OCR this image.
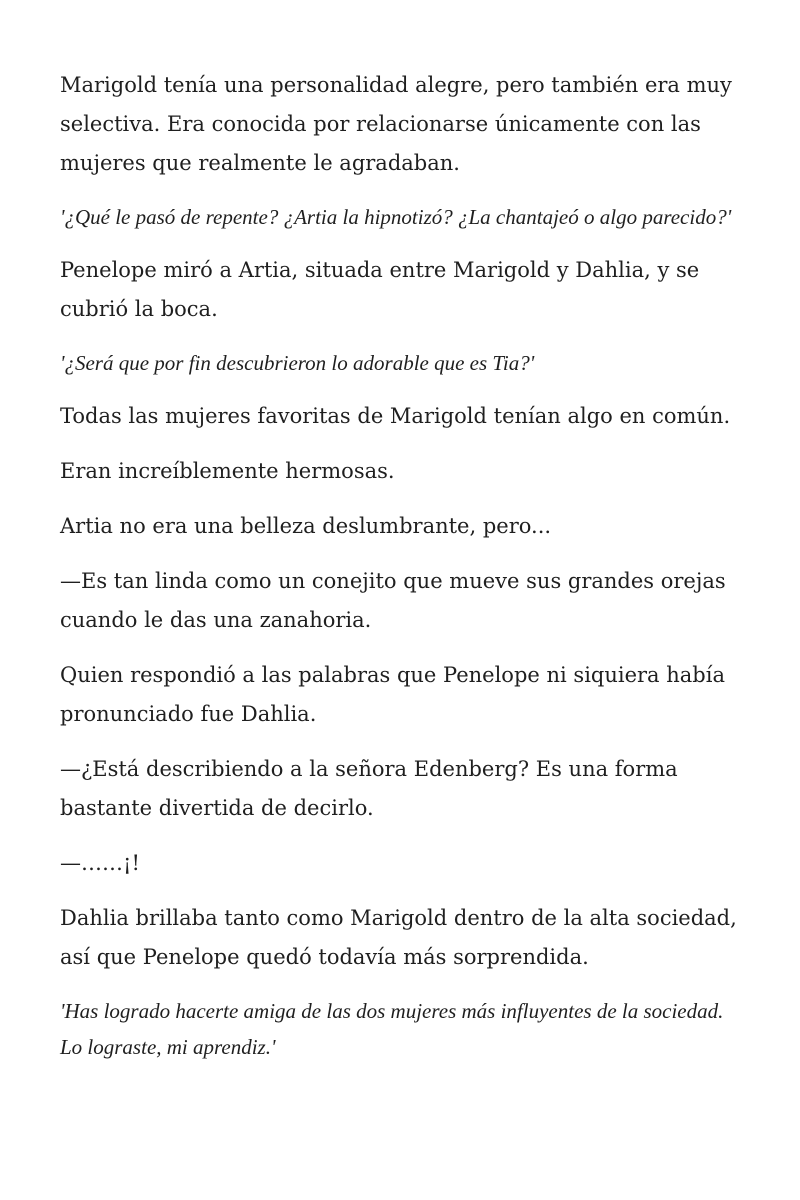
Marigold tenía una personalidad alegre, pero también era muy selectiva. Era conocida por relacionarse únicamente con las mujeres que realmente le agradaban.

'¿Qué le pasó de repente? ¿Artia la hipnotizó? ¿La chantajeó o algo parecido?'

Penelope miró a Artia, situada entre Marigold y Dahlia, y se cubrió la boca.

'¿Será que por fin descubrieron lo adorable que es Tia?'

Todas las mujeres favoritas de Marigold tenían algo en común.

Eran increíblemente hermosas.

Artia no era una belleza deslumbrante, pero...

—Es tan linda como un conejito que mueve sus grandes orejas cuando le das una zanahoria.

Quien respondió a las palabras que Penelope ni siquiera había pronunciado fue Dahlia.

—¿Está describiendo a la señora Edenberg? Es una forma bastante divertida de decirlo.

—……¡!

Dahlia brillaba tanto como Marigold dentro de la alta sociedad, así que Penelope quedó todavía más sorprendida.

'Has logrado hacerte amiga de las dos mujeres más influyentes de la sociedad. Lo lograste, mi aprendiz.'
